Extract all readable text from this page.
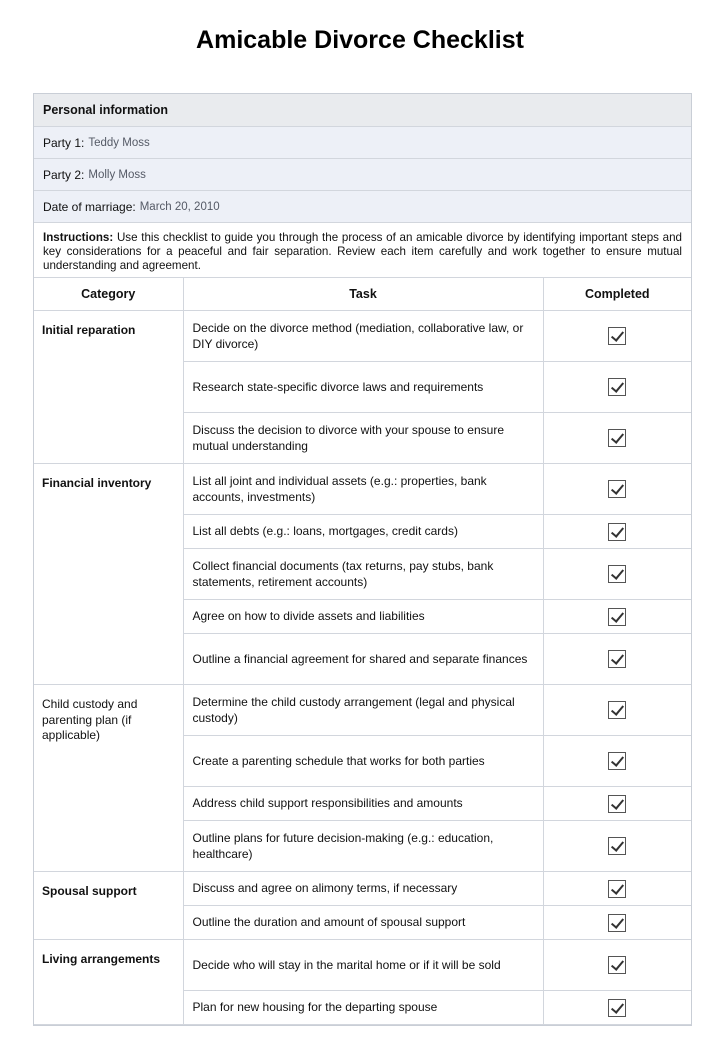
Amicable Divorce Checklist
Personal information
Party 1: Teddy Moss
Party 2: Molly Moss
Date of marriage: March 20, 2010
Instructions: Use this checklist to guide you through the process of an amicable divorce by identifying important steps and key considerations for a peaceful and fair separation. Review each item carefully and work together to ensure mutual understanding and agreement.
Category	Task	Completed
Initial reparation	Decide on the divorce method (mediation, collaborative law, or DIY divorce)	
	Research state-specific divorce laws and requirements	
	Discuss the decision to divorce with your spouse to ensure mutual understanding	
Financial inventory	List all joint and individual assets (e.g.: properties, bank accounts, investments)	
	List all debts (e.g.: loans, mortgages, credit cards)	
	Collect financial documents (tax returns, pay stubs, bank statements, retirement accounts)	
	Agree on how to divide assets and liabilities	
	Outline a financial agreement for shared and separate finances	
Child custody and parenting plan (if applicable)	Determine the child custody arrangement (legal and physical custody)	
	Create a parenting schedule that works for both parties	
	Address child support responsibilities and amounts	
	Outline plans for future decision-making (e.g.: education, healthcare)	
Spousal support	Discuss and agree on alimony terms, if necessary	
	Outline the duration and amount of spousal support	
Living arrangements	Decide who will stay in the marital home or if it will be sold	
	Plan for new housing for the departing spouse	
